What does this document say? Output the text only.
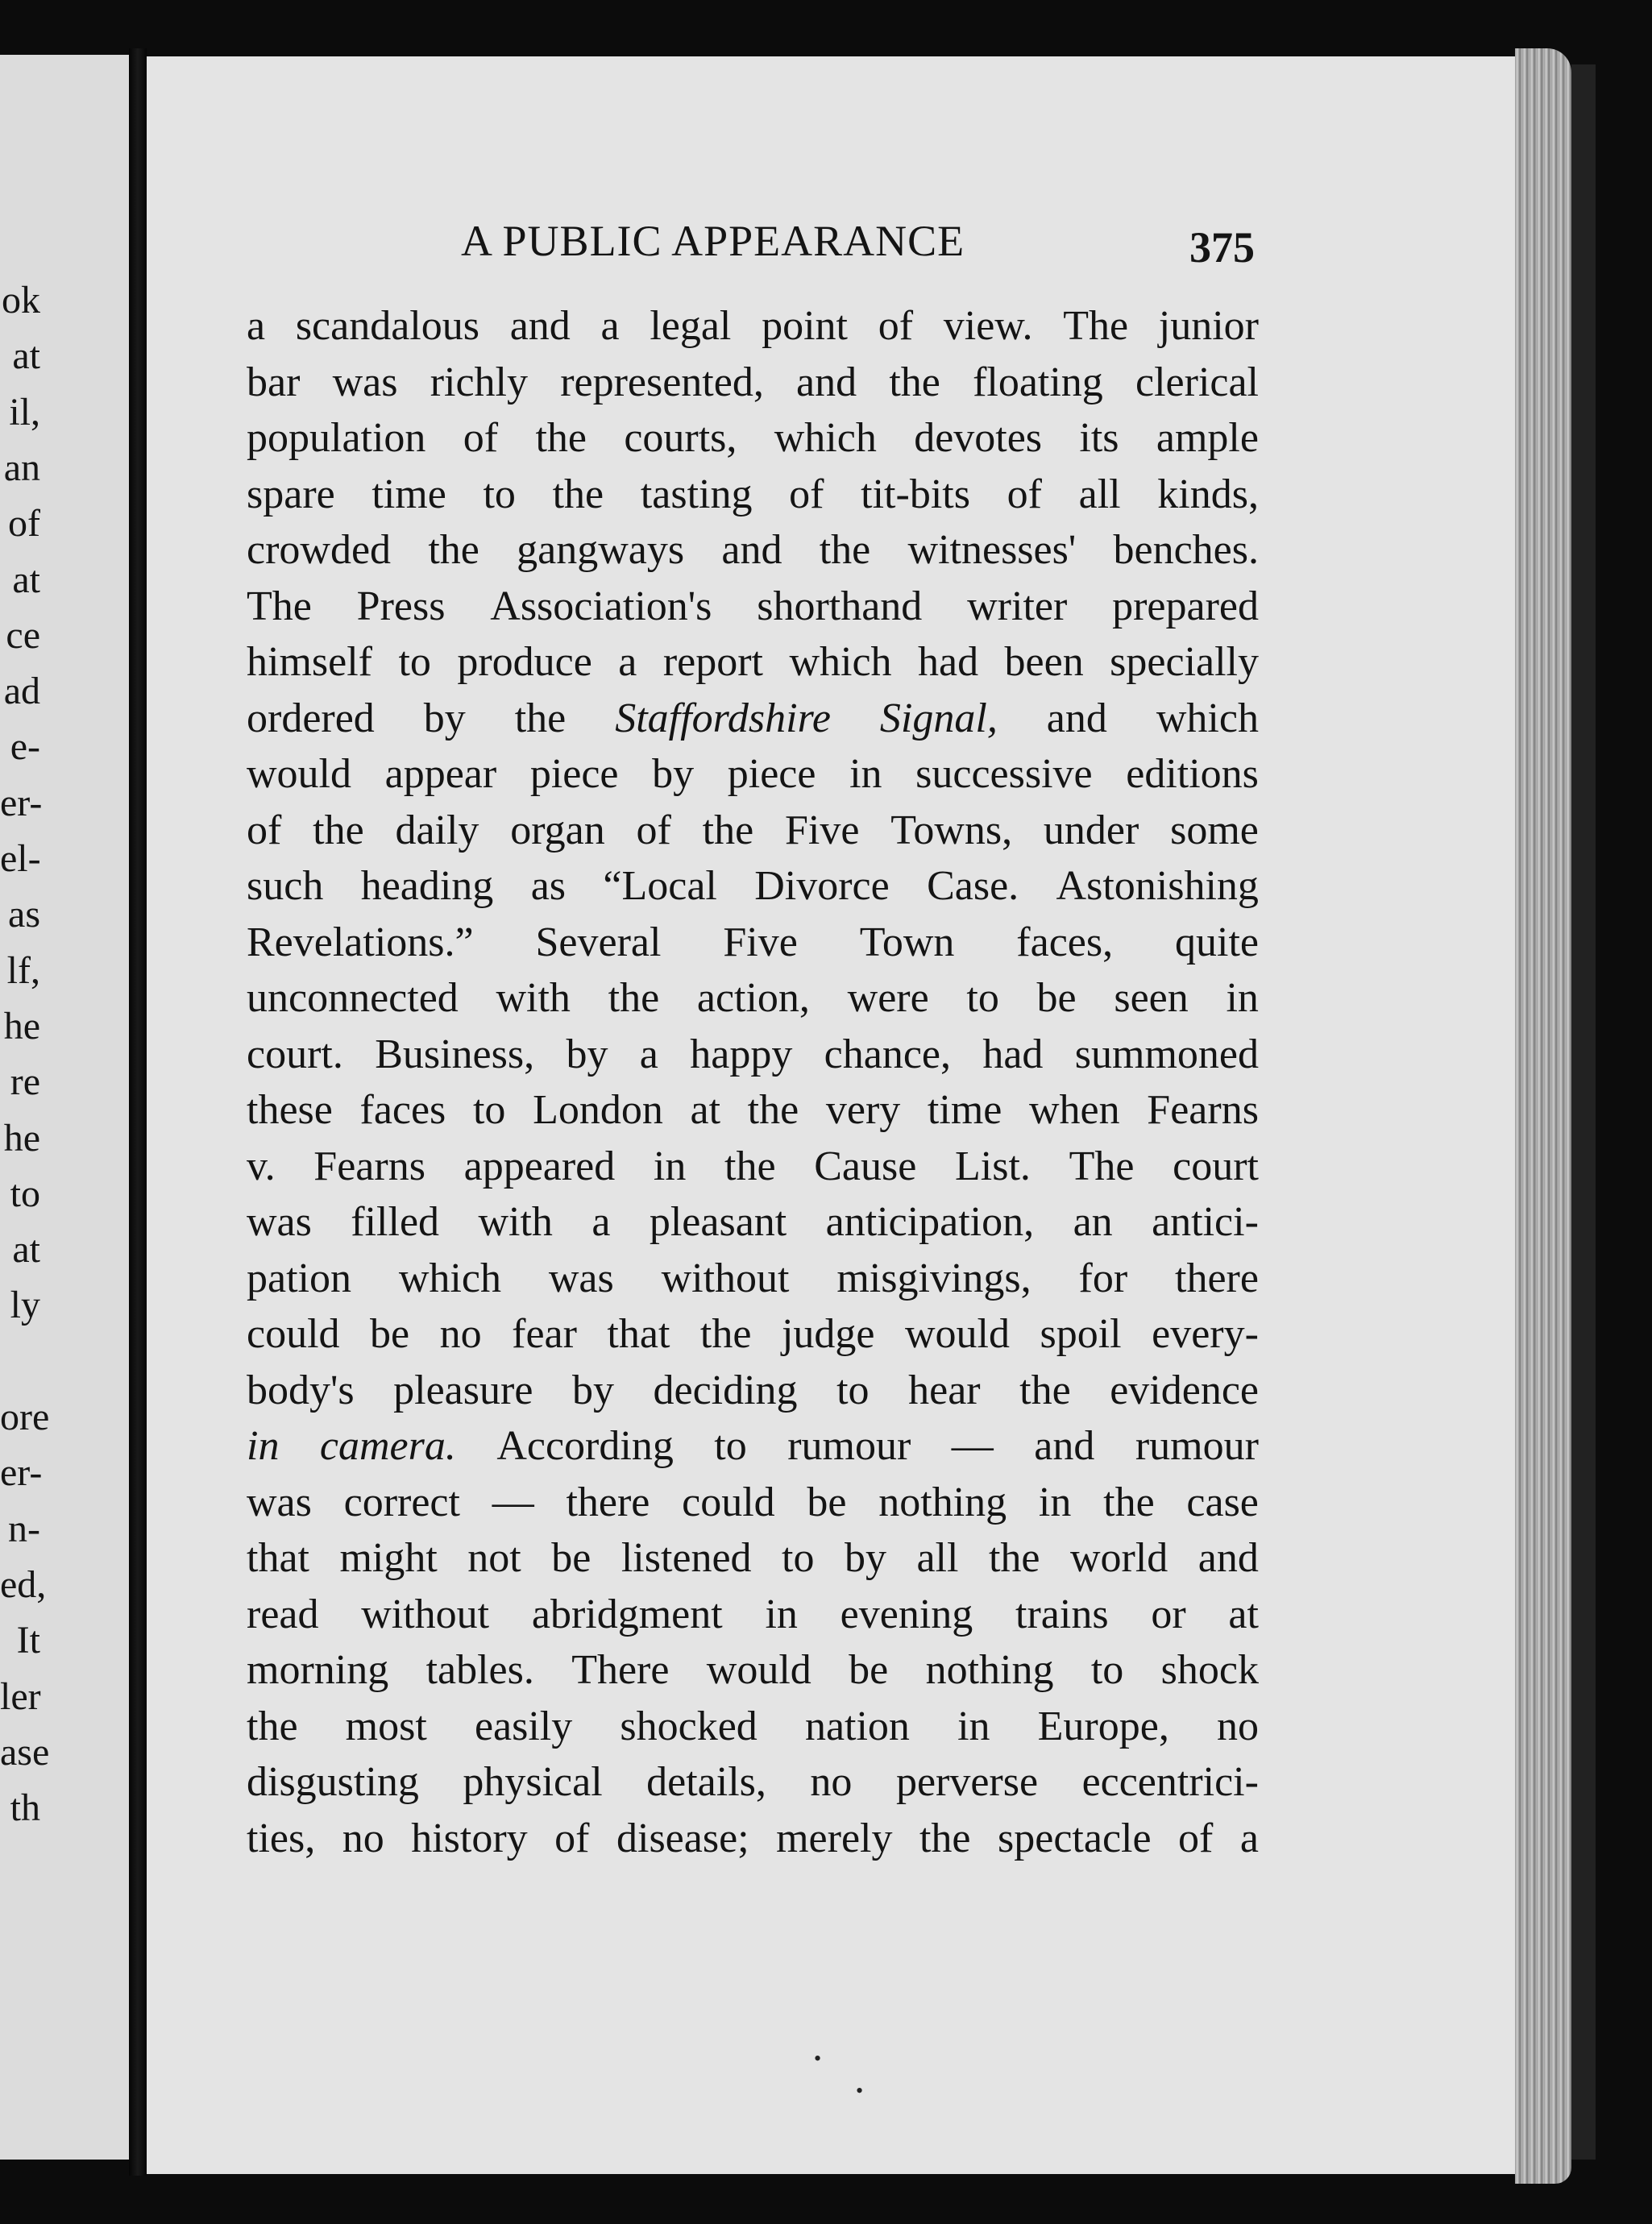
ok
at
il,
an
of
at
ce
ad
e-
er-
el-
as
lf,
he
re
he
to
at
ly
ore
er-
n-
ed,
It
ler
ase
th
A PUBLIC APPEARANCE	375
a scandalous and a legal point of view. The junior
bar was richly represented, and the floating clerical
population of the courts, which devotes its ample
spare time to the tasting of tit-bits of all kinds,
crowded the gangways and the witnesses' benches.
The Press Association's shorthand writer prepared
himself to produce a report which had been specially
ordered by the Staffordshire Signal, and which
would appear piece by piece in successive editions
of the daily organ of the Five Towns, under some
such heading as “Local Divorce Case. Astonishing
Revelations.” Several Five Town faces, quite
unconnected with the action, were to be seen in
court. Business, by a happy chance, had summoned
these faces to London at the very time when Fearns
v. Fearns appeared in the Cause List. The court
was filled with a pleasant anticipation, an antici-
pation which was without misgivings, for there
could be no fear that the judge would spoil every-
body's pleasure by deciding to hear the evidence
in camera. According to rumour — and rumour
was correct — there could be nothing in the case
that might not be listened to by all the world and
read without abridgment in evening trains or at
morning tables. There would be nothing to shock
the most easily shocked nation in Europe, no
disgusting physical details, no perverse eccentrici-
ties, no history of disease; merely the spectacle of a
•
•
